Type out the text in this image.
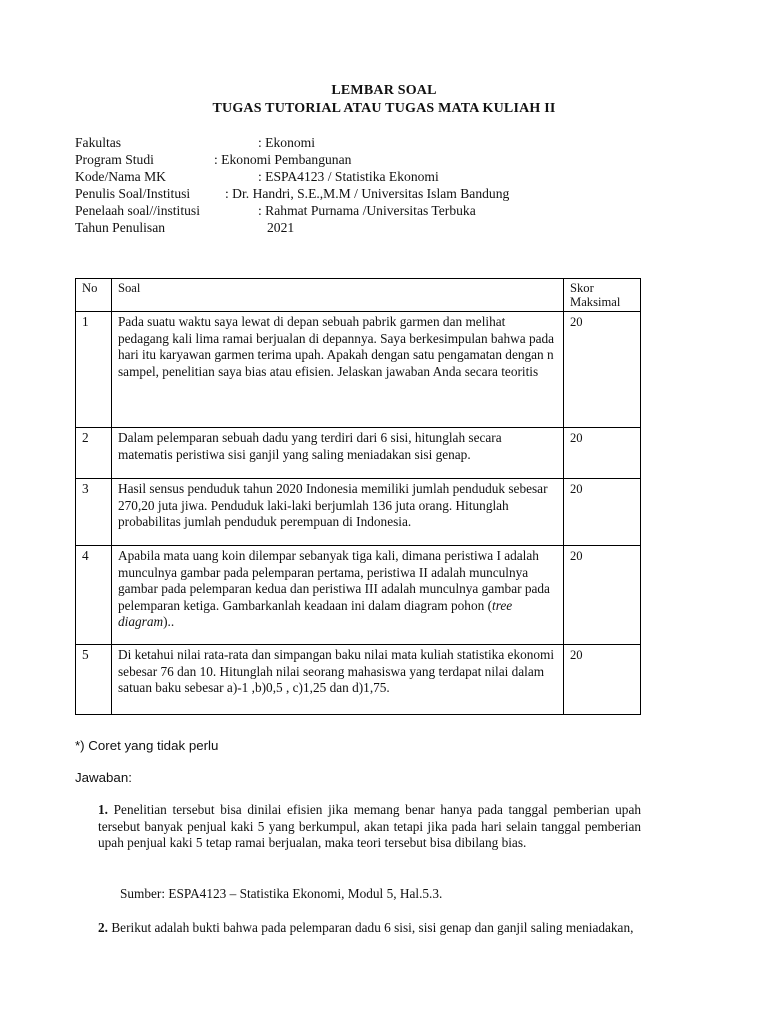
LEMBAR SOAL
TUGAS TUTORIAL ATAU TUGAS MATA KULIAH II
Fakultas	: Ekonomi
Program Studi	: Ekonomi Pembangunan
Kode/Nama MK	: ESPA4123 / Statistika Ekonomi
Penulis Soal/Institusi	: Dr. Handri, S.E.,M.M / Universitas Islam Bandung
Penelaah soal//institusi	: Rahmat Purnama /Universitas Terbuka
Tahun Penulisan	2021
No	Soal	Skor
Maksimal
1	Pada suatu waktu saya lewat di depan sebuah pabrik garmen dan melihat pedagang kali lima ramai berjualan di depannya. Saya berkesimpulan bahwa pada hari itu karyawan garmen terima upah. Apakah dengan satu pengamatan dengan n sampel, penelitian saya bias atau efisien. Jelaskan jawaban Anda secara teoritis	20
2	Dalam pelemparan sebuah dadu yang terdiri dari 6 sisi, hitunglah secara matematis peristiwa sisi ganjil yang saling meniadakan sisi genap.	20
3	Hasil sensus penduduk tahun 2020 Indonesia memiliki jumlah penduduk sebesar 270,20 juta jiwa. Penduduk laki-laki berjumlah 136 juta orang. Hitunglah probabilitas jumlah penduduk perempuan di Indonesia.	20
4	Apabila mata uang koin dilempar sebanyak tiga kali, dimana peristiwa I adalah munculnya gambar pada pelemparan pertama, peristiwa II adalah munculnya gambar pada pelemparan kedua dan peristiwa III adalah munculnya gambar pada pelemparan ketiga. Gambarkanlah keadaan ini dalam diagram pohon (tree diagram)..	20
5	Di ketahui nilai rata-rata dan simpangan baku nilai mata kuliah statistika ekonomi sebesar 76 dan 10. Hitunglah nilai seorang mahasiswa yang terdapat nilai dalam satuan baku sebesar a)-1 ,b)0,5 , c)1,25 dan d)1,75.	20
*) Coret yang tidak perlu
Jawaban:
1. Penelitian tersebut bisa dinilai efisien jika memang benar hanya pada tanggal pemberian upah tersebut banyak penjual kaki 5 yang berkumpul, akan tetapi jika pada hari selain tanggal pemberian upah penjual kaki 5 tetap ramai berjualan, maka teori tersebut bisa dibilang bias.
Sumber: ESPA4123 – Statistika Ekonomi, Modul 5, Hal.5.3.
2. Berikut adalah bukti bahwa pada pelemparan dadu 6 sisi, sisi genap dan ganjil saling meniadakan,
